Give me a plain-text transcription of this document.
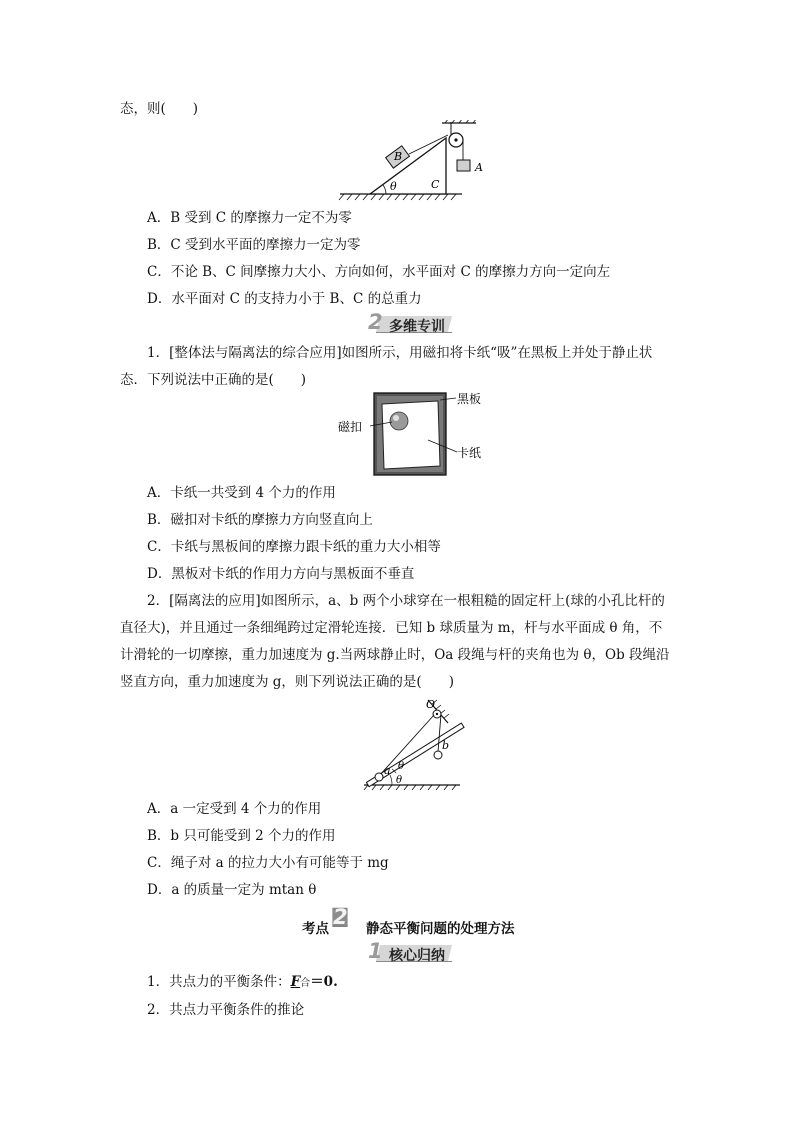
态，则(　　)
θ
B
C
A
A．B 受到 C 的摩擦力一定不为零
B．C 受到水平面的摩擦力一定为零
C．不论 B、C 间摩擦力大小、方向如何，水平面对 C 的摩擦力方向一定向左
D．水平面对 C 的支持力小于 B、C 的总重力
2 多维专训
1．[整体法与隔离法的综合应用]如图所示，用磁扣将卡纸“吸”在黑板上并处于静止状
态．下列说法中正确的是(　　)
磁扣
黑板
卡纸
A．卡纸一共受到 4 个力的作用
B．磁扣对卡纸的摩擦力方向竖直向上
C．卡纸与黑板间的摩擦力跟卡纸的重力大小相等
D．黑板对卡纸的作用力方向与黑板面不垂直
2．[隔离法的应用]如图所示，a、b 两个小球穿在一根粗糙的固定杆上(球的小孔比杆的
直径大)，并且通过一条细绳跨过定滑轮连接．已知 b 球质量为 m，杆与水平面成 θ 角，不
计滑轮的一切摩擦，重力加速度为 g.当两球静止时，Oa 段绳与杆的夹角也为 θ，Ob 段绳沿
竖直方向，重力加速度为 g，则下列说法正确的是(　　)
O
b
a θ
θ
A．a 一定受到 4 个力的作用
B．b 只可能受到 2 个力的作用
C．绳子对 a 的拉力大小有可能等于 mg
D．a 的质量一定为 mtan θ
考点 2 静态平衡问题的处理方法
1 核心归纳
1．共点力的平衡条件：F合＝0.
2．共点力平衡条件的推论
